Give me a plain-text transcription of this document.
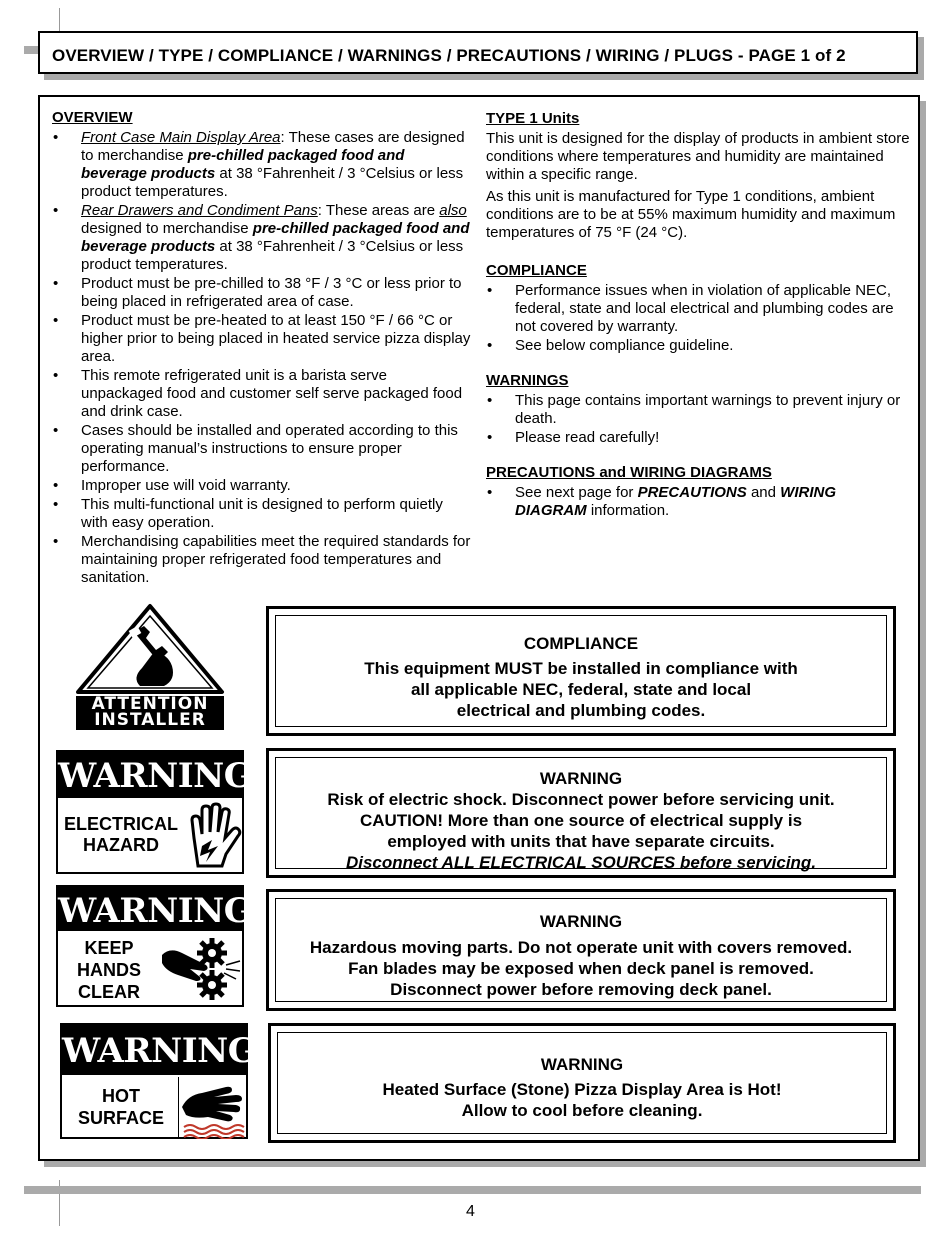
OVERVIEW / TYPE / COMPLIANCE / WARNINGS / PRECAUTIONS / WIRING / PLUGS - PAGE 1 of 2
OVERVIEW
• Front Case Main Display Area: These cases are designed to merchandise pre-chilled packaged food and beverage products at 38 °Fahrenheit / 3 °Celsius or less product temperatures.
• Rear Drawers and Condiment Pans: These areas are also designed to merchandise pre-chilled packaged food and beverage products at 38 °Fahrenheit / 3 °Celsius or less product temperatures.
• Product must be pre-chilled to 38 °F / 3 °C or less prior to being placed in refrigerated area of case.
• Product must be pre-heated to at least 150 °F / 66 °C or higher prior to being placed in heated service pizza display area.
• This remote refrigerated unit is a barista serve unpackaged food and customer self serve packaged food and drink case.
• Cases should be installed and operated according to this operating manual’s instructions to ensure proper performance.
• Improper use will void warranty.
• This multi-functional unit is designed to perform quietly with easy operation.
• Merchandising capabilities meet the required standards for maintaining proper refrigerated food temperatures and sanitation.
TYPE 1 Units

This unit is designed for the display of products in ambient store conditions where temperatures and humidity are maintained within a specific range.

As this unit is manufactured for Type 1 conditions, ambient conditions are to be at 55% maximum humidity and maximum temperatures of 75 °F (24 °C).

COMPLIANCE
• Performance issues when in violation of applicable NEC, federal, state and local electrical and plumbing codes are not covered by warranty.
• See below compliance guideline.
WARNINGS
• This page contains important warnings to prevent injury or death.
• Please read carefully!
PRECAUTIONS and WIRING DIAGRAMS
• See next page for PRECAUTIONS and WIRING DIAGRAM information.
ATTENTION
INSTALLER
WARNING
ELECTRICAL
HAZARD
WARNING
KEEP
HANDS
CLEAR
WARNING
HOT
SURFACE
COMPLIANCE
This equipment MUST be installed in compliance with
all applicable NEC, federal, state and local
electrical and plumbing codes.
WARNING
Risk of electric shock. Disconnect power before servicing unit.
CAUTION! More than one source of electrical supply is
employed with units that have separate circuits.
Disconnect ALL ELECTRICAL SOURCES before servicing.
WARNING
Hazardous moving parts. Do not operate unit with covers removed.
Fan blades may be exposed when deck panel is removed.
Disconnect power before removing deck panel.
WARNING
Heated Surface (Stone) Pizza Display Area is Hot!
Allow to cool before cleaning.
4
